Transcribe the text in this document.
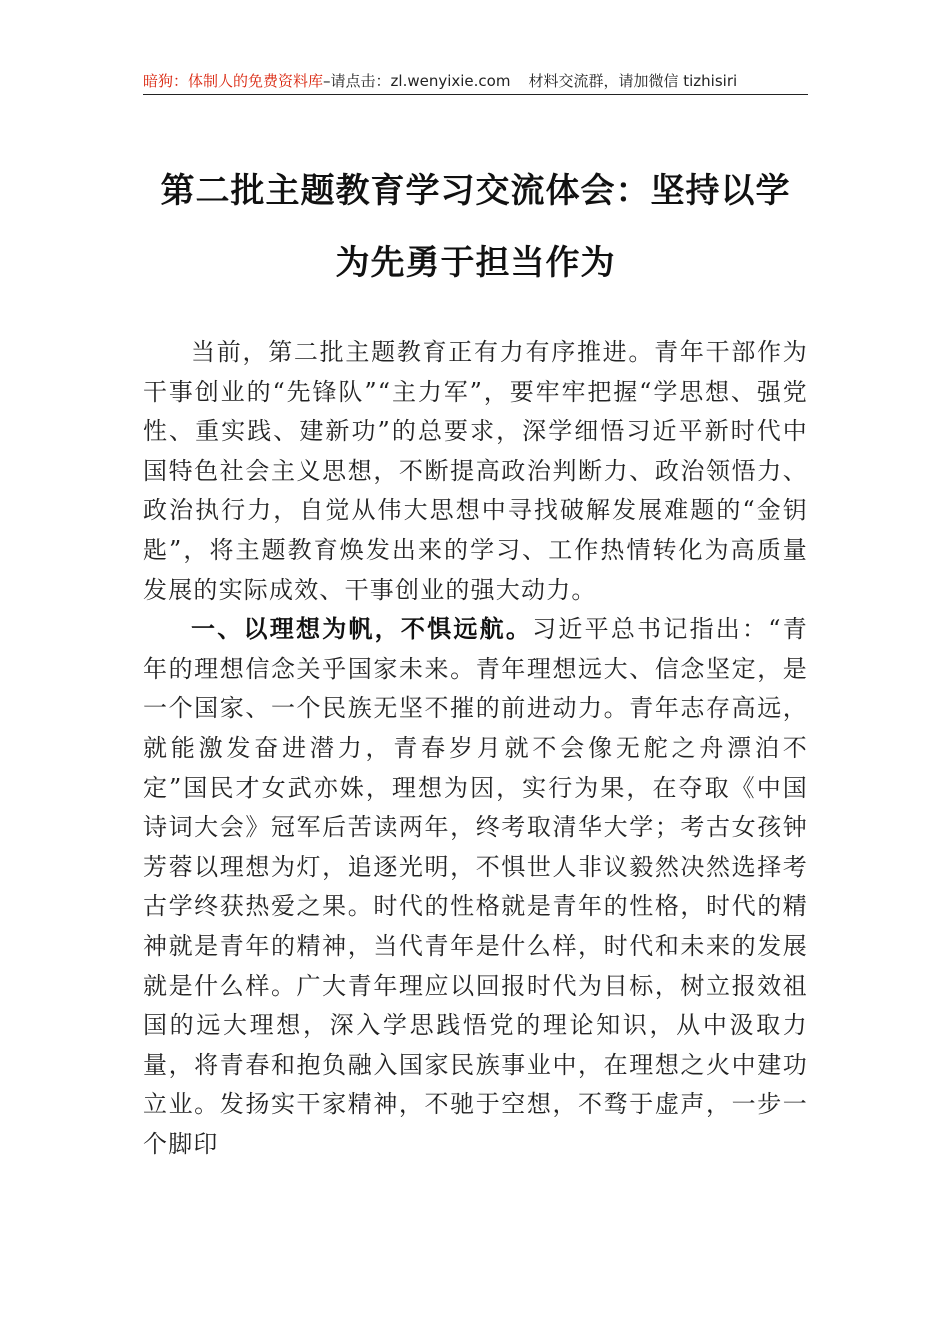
暗狗：体制人的免费资料库–请点击：zl.wenyixie.com 材料交流群，请加微信 tizhisiri
第二批主题教育学习交流体会：坚持以学
为先勇于担当作为

当前，第二批主题教育正有力有序推进。青年干部作为干事创业的“先锋队”“主力军”，要牢牢把握“学思想、强党性、重实践、建新功”的总要求，深学细悟习近平新时代中国特色社会主义思想，不断提高政治判断力、政治领悟力、政治执行力，自觉从伟大思想中寻找破解发展难题的“金钥匙”，将主题教育焕发出来的学习、工作热情转化为高质量发展的实际成效、干事创业的强大动力。

一、以理想为帆，不惧远航。习近平总书记指出：“青年的理想信念关乎国家未来。青年理想远大、信念坚定，是一个国家、一个民族无坚不摧的前进动力。青年志存高远，就能激发奋进潜力，青春岁月就不会像无舵之舟漂泊不定”国民才女武亦姝，理想为因，实行为果，在夺取《中国诗词大会》冠军后苦读两年，终考取清华大学；考古女孩钟芳蓉以理想为灯，追逐光明，不惧世人非议毅然决然选择考古学终获热爱之果。时代的性格就是青年的性格，时代的精神就是青年的精神，当代青年是什么样，时代和未来的发展就是什么样。广大青年理应以回报时代为目标，树立报效祖国的远大理想，深入学思践悟党的理论知识，从中汲取力量，将青春和抱负融入国家民族事业中，在理想之火中建功立业。发扬实干家精神，不驰于空想，不骛于虚声，一步一个脚印
